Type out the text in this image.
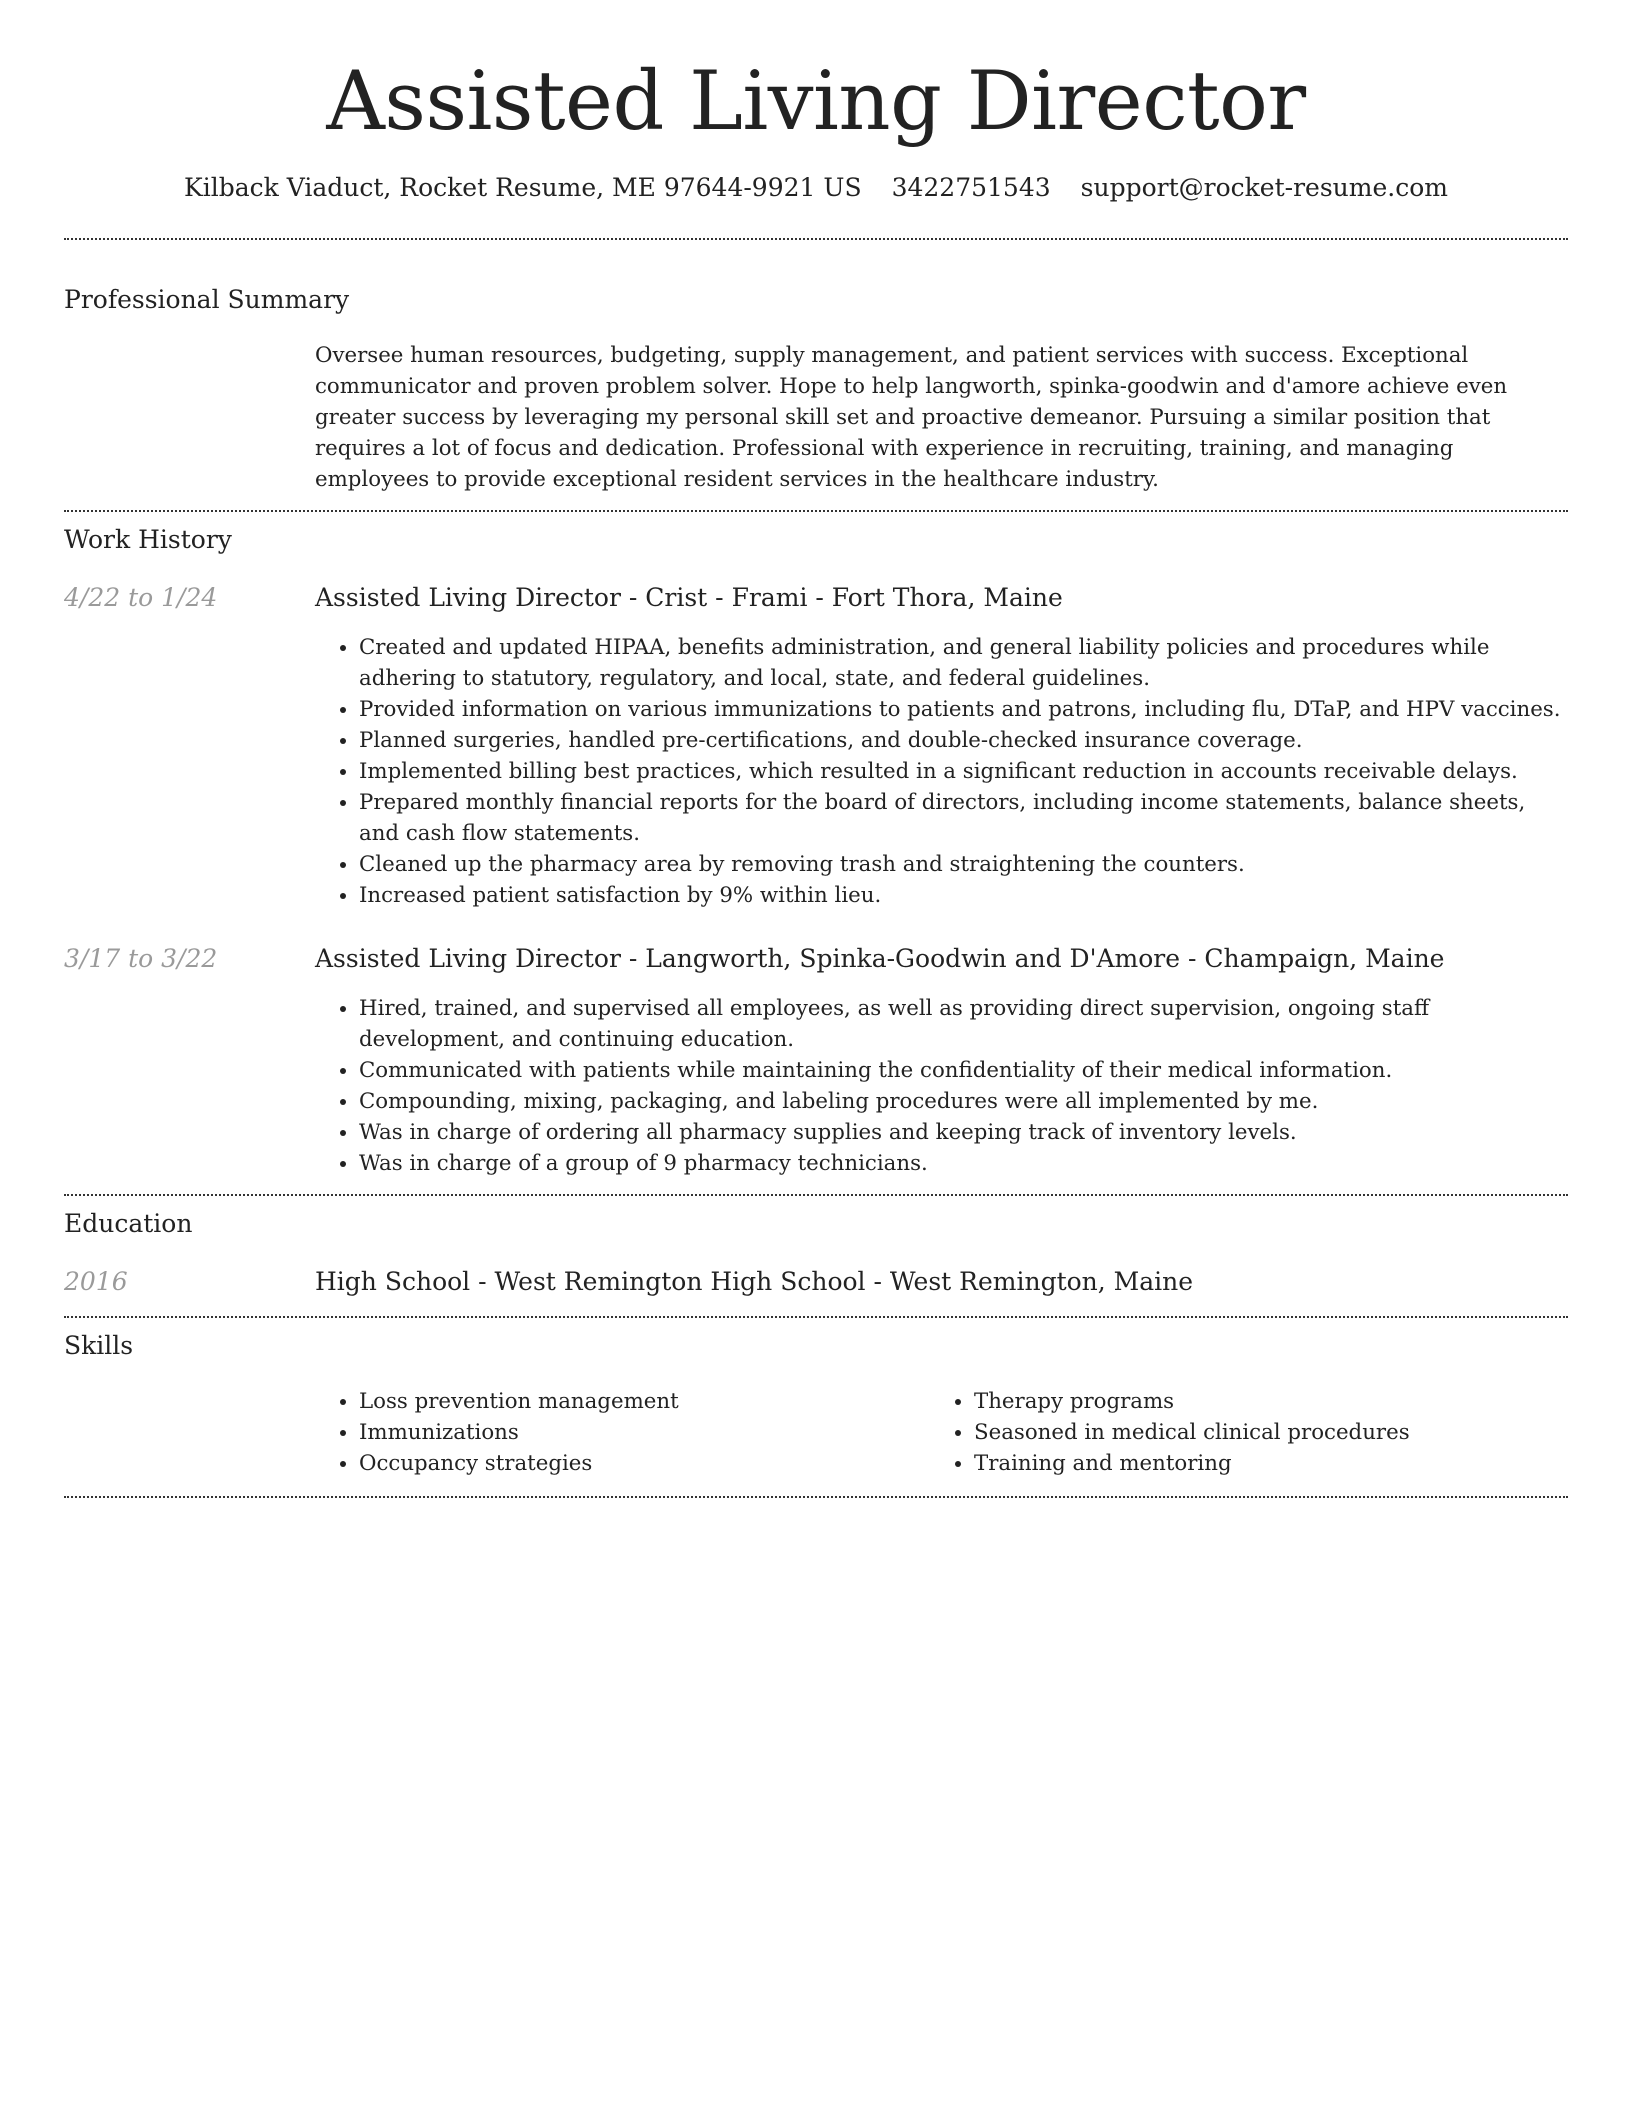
Assisted Living Director
Kilback Viaduct, Rocket Resume, ME 97644-9921 US 3422751543 support@rocket-resume.com
Professional Summary
Oversee human resources, budgeting, supply management, and patient services with success. Exceptional communicator and proven problem solver. Hope to help langworth, spinka-goodwin and d'amore achieve even greater success by leveraging my personal skill set and proactive demeanor. Pursuing a similar position that requires a lot of focus and dedication. Professional with experience in recruiting, training, and managing employees to provide exceptional resident services in the healthcare industry.
Work History
4/22 to 1/24	Assisted Living Director - Crist - Frami - Fort Thora, Maine
• Created and updated HIPAA, benefits administration, and general liability policies and procedures while adhering to statutory, regulatory, and local, state, and federal guidelines.
• Provided information on various immunizations to patients and patrons, including flu, DTaP, and HPV vaccines.
• Planned surgeries, handled pre-certifications, and double-checked insurance coverage.
• Implemented billing best practices, which resulted in a significant reduction in accounts receivable delays.
• Prepared monthly financial reports for the board of directors, including income statements, balance sheets, and cash flow statements.
• Cleaned up the pharmacy area by removing trash and straightening the counters.
• Increased patient satisfaction by 9% within lieu.
3/17 to 3/22	Assisted Living Director - Langworth, Spinka-Goodwin and D'Amore - Champaign, Maine
• Hired, trained, and supervised all employees, as well as providing direct supervision, ongoing staff development, and continuing education.
• Communicated with patients while maintaining the confidentiality of their medical information.
• Compounding, mixing, packaging, and labeling procedures were all implemented by me.
• Was in charge of ordering all pharmacy supplies and keeping track of inventory levels.
• Was in charge of a group of 9 pharmacy technicians.
Education
2016	High School - West Remington High School - West Remington, Maine
Skills
• Loss prevention management
• Immunizations
• Occupancy strategies
• Therapy programs
• Seasoned in medical clinical procedures
• Training and mentoring
